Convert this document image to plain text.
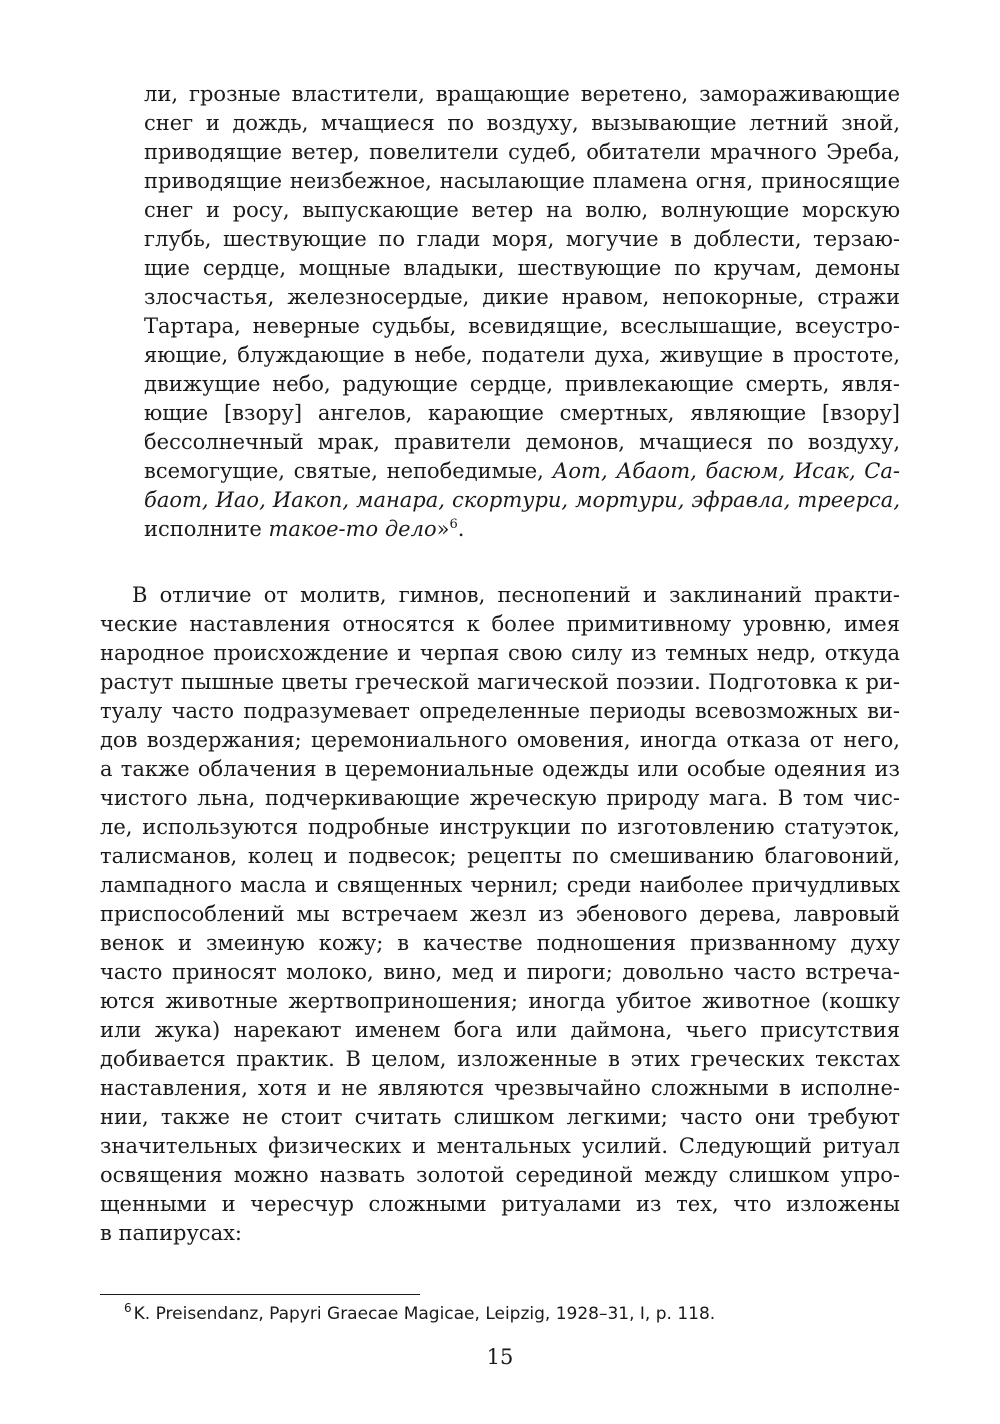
ли, грозные властители, вращающие веретено, замораживающие

снег и дождь, мчащиеся по воздуху, вызывающие летний зной,

приводящие ветер, повелители судеб, обитатели мрачного Эреба,

приводящие неизбежное, насылающие пламена огня, приносящие

снег и росу, выпускающие ветер на волю, волнующие морскую

глубь, шествующие по глади моря, могучие в доблести, терзаю-

щие сердце, мощные владыки, шествующие по кручам, демоны

злосчастья, железносердые, дикие нравом, непокорные, стражи

Тартара, неверные судьбы, всевидящие, всеслышащие, всеустро-

яющие, блуждающие в небе, податели духа, живущие в простоте,

движущие небо, радующие сердце, привлекающие смерть, явля-

ющие [взору] ангелов, карающие смертных, являющие [взору]

бессолнечный мрак, правители демонов, мчащиеся по воздуху,

всемогущие, святые, непобедимые, Аот, Абаот, басюм, Исак, Са-

баот, Иао, Иакоп, манара, скортури, мортури, эфравла, треерса,

исполните такое-то дело»$^6$.

В отличие от молитв, гимнов, песнопений и заклинаний практи-

ческие наставления относятся к более примитивному уровню, имея

народное происхождение и черпая свою силу из темных недр, откуда

растут пышные цветы греческой магической поэзии. Подготовка к ри-

туалу часто подразумевает определенные периоды всевозможных ви-

дов воздержания; церемониального омовения, иногда отказа от него,

а также облачения в церемониальные одежды или особые одеяния из

чистого льна, подчеркивающие жреческую природу мага. В том чис-

ле, используются подробные инструкции по изготовлению статуэток,

талисманов, колец и подвесок; рецепты по смешиванию благовоний,

лампадного масла и священных чернил; среди наиболее причудливых

приспособлений мы встречаем жезл из эбенового дерева, лавровый

венок и змеиную кожу; в качестве подношения призванному духу

часто приносят молоко, вино, мед и пироги; довольно часто встреча-

ются животные жертвоприношения; иногда убитое животное (кошку

или жука) нарекают именем бога или даймона, чьего присутствия

добивается практик. В целом, изложенные в этих греческих текстах

наставления, хотя и не являются чрезвычайно сложными в исполне-

нии, также не стоит считать слишком легкими; часто они требуют

значительных физических и ментальных усилий. Следующий ритуал

освящения можно назвать золотой серединой между слишком упро-

щенными и чересчур сложными ритуалами из тех, что изложены

в папирусах:

$^6$ K. Preisendanz, Papyri Graecae Magicae, Leipzig, 1928–31, I, p. 118.

15
